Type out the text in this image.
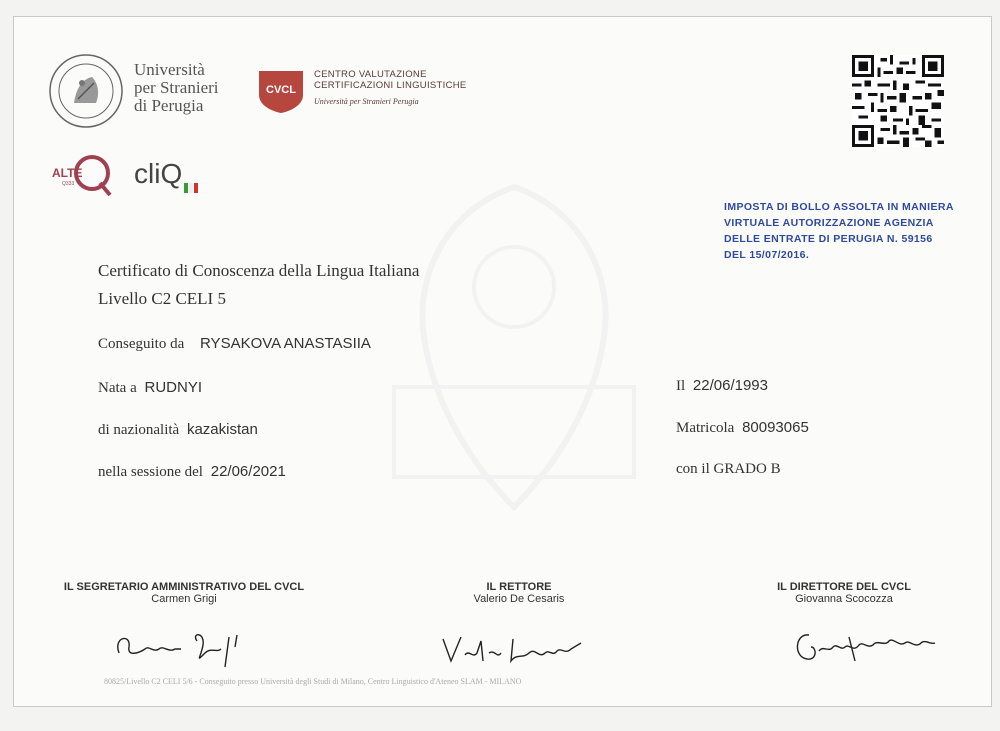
Università
per Stranieri
di Perugia
CVCL
CENTRO VALUTAZIONE
CERTIFICAZIONI LINGUISTICHE
Università per Stranieri Perugia
ALTE
Q333 cliQ
IMPOSTA DI BOLLO ASSOLTA IN MANIERA
VIRTUALE AUTORIZZAZIONE AGENZIA
DELLE ENTRATE DI PERUGIA N. 59156
DEL 15/07/2016.
Certificato di Conoscenza della Lingua Italiana
Livello C2 CELI 5
Conseguito da RYSAKOVA ANASTASIIA
Nata a RUDNYI	Il 22/06/1993
di nazionalità kazakistan	Matricola 80093065
nella sessione del 22/06/2021	con il GRADO B
IL SEGRETARIO AMMINISTRATIVO DEL CVCL
Carmen Grigi
IL RETTORE
Valerio De Cesaris
IL DIRETTORE DEL CVCL
Giovanna Scocozza
80825/Livello C2 CELI 5/6 - Conseguito presso Università degli Studi di Milano, Centro Linguistico d'Ateneo SLAM - MILANO
